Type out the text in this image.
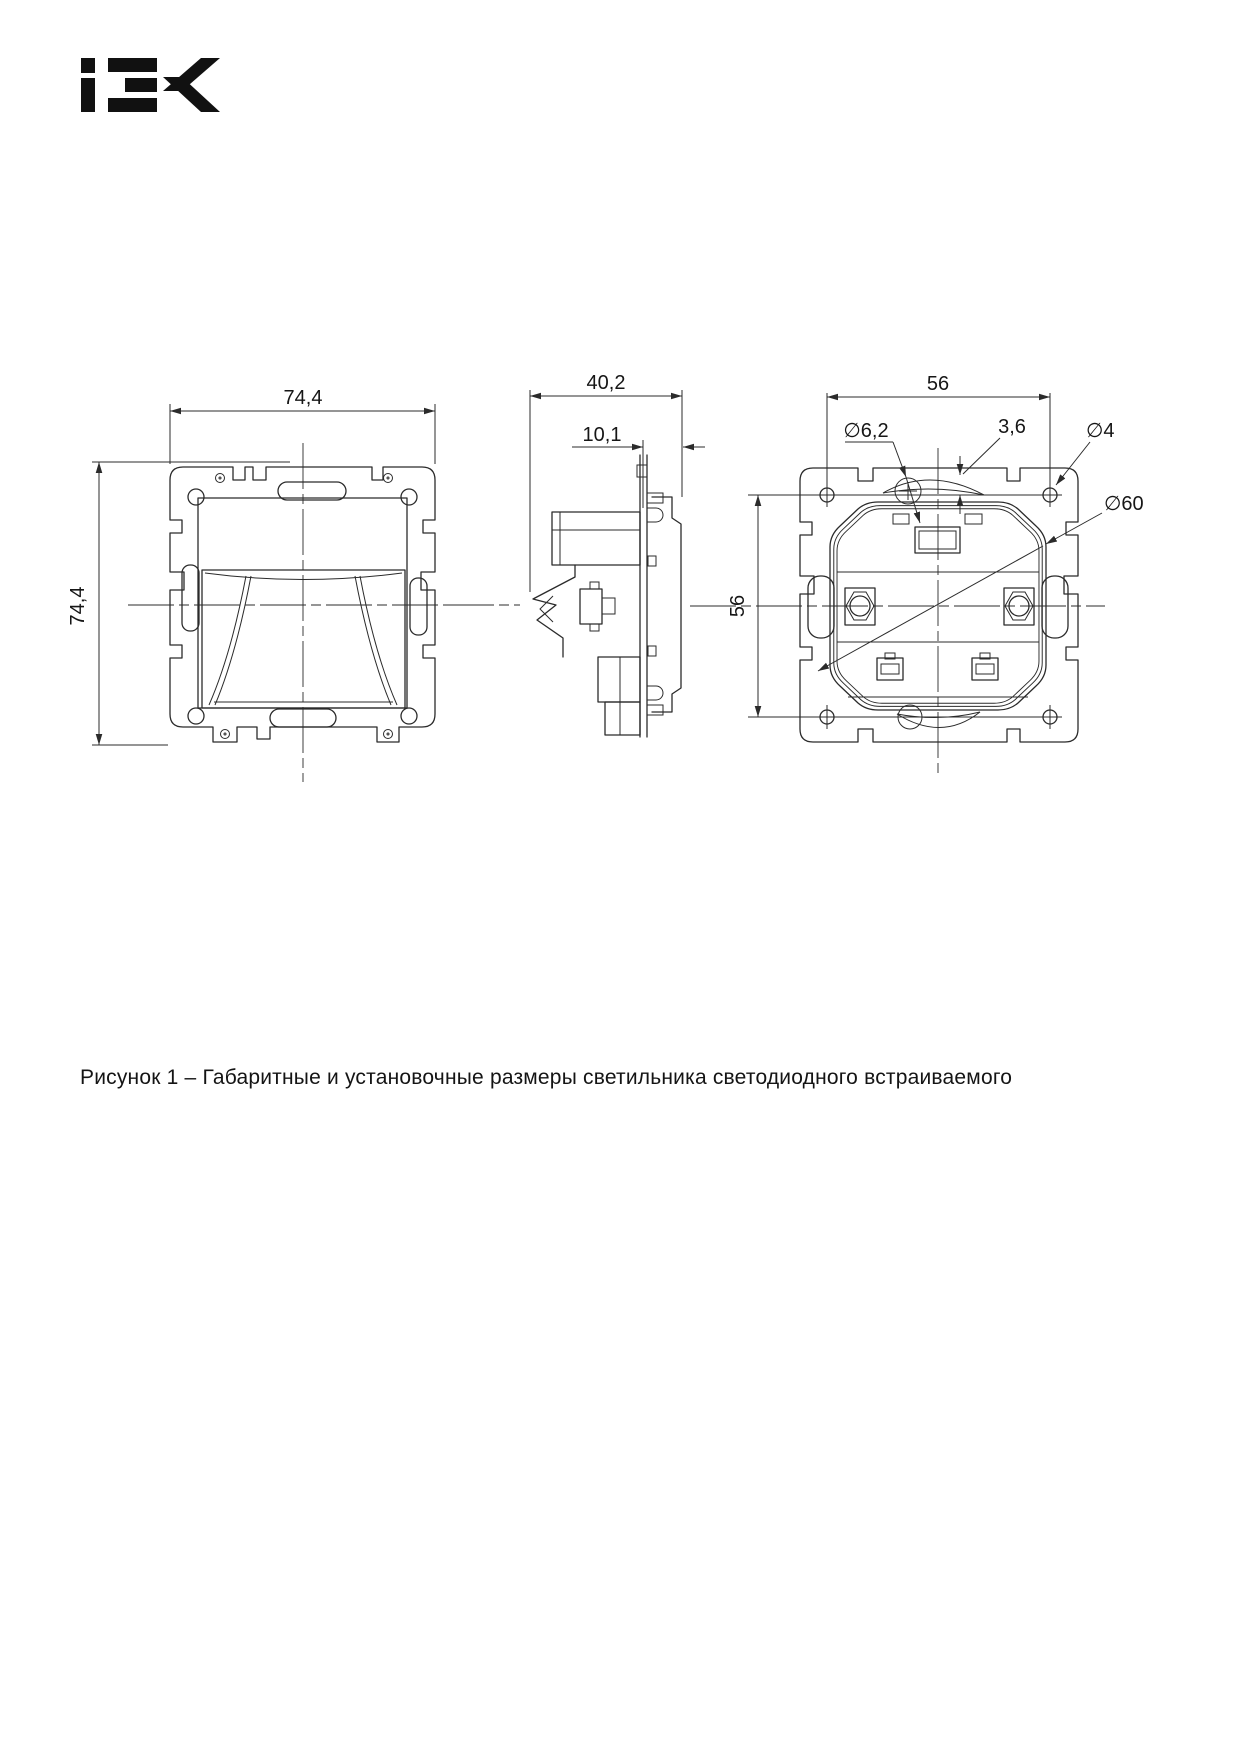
74,4
74,4
40,2
10,1
56
56
∅6,2	3,6	∅4
∅60
Рисунок 1 – Габаритные и установочные размеры светильника светодиодного встраиваемого
